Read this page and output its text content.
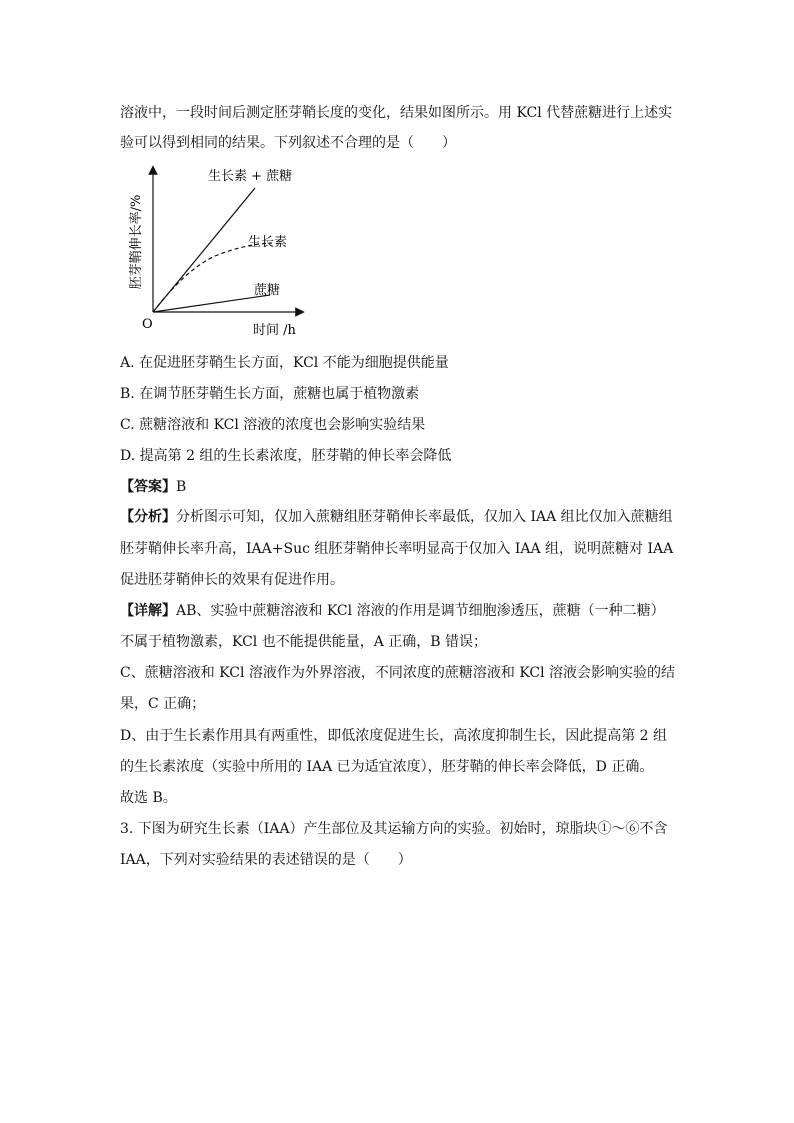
溶液中，一段时间后测定胚芽鞘长度的变化，结果如图所示。用 KCl 代替蔗糖进行上述实
验可以得到相同的结果。下列叙述不合理的是（　　）
胚芽鞘伸长率/%
时间 /h
O
生长素 + 蔗糖
生长素
蔗糖
A. 在促进胚芽鞘生长方面，KCl 不能为细胞提供能量
B. 在调节胚芽鞘生长方面，蔗糖也属于植物激素
C. 蔗糖溶液和 KCl 溶液的浓度也会影响实验结果
D. 提高第 2 组的生长素浓度，胚芽鞘的伸长率会降低
【答案】B
【分析】分析图示可知，仅加入蔗糖组胚芽鞘伸长率最低，仅加入 IAA 组比仅加入蔗糖组
胚芽鞘伸长率升高，IAA+Suc 组胚芽鞘伸长率明显高于仅加入 IAA 组，说明蔗糖对 IAA
促进胚芽鞘伸长的效果有促进作用。
【详解】AB、实验中蔗糖溶液和 KCl 溶液的作用是调节细胞渗透压，蔗糖（一种二糖）
不属于植物激素，KCl 也不能提供能量，A 正确，B 错误；
C、蔗糖溶液和 KCl 溶液作为外界溶液，不同浓度的蔗糖溶液和 KCl 溶液会影响实验的结
果，C 正确；
D、由于生长素作用具有两重性，即低浓度促进生长，高浓度抑制生长，因此提高第 2 组
的生长素浓度（实验中所用的 IAA 已为适宜浓度），胚芽鞘的伸长率会降低，D 正确。
故选 B。
3. 下图为研究生长素（IAA）产生部位及其运输方向的实验。初始时，琼脂块①～⑥不含
IAA，下列对实验结果的表述错误的是（　　）
